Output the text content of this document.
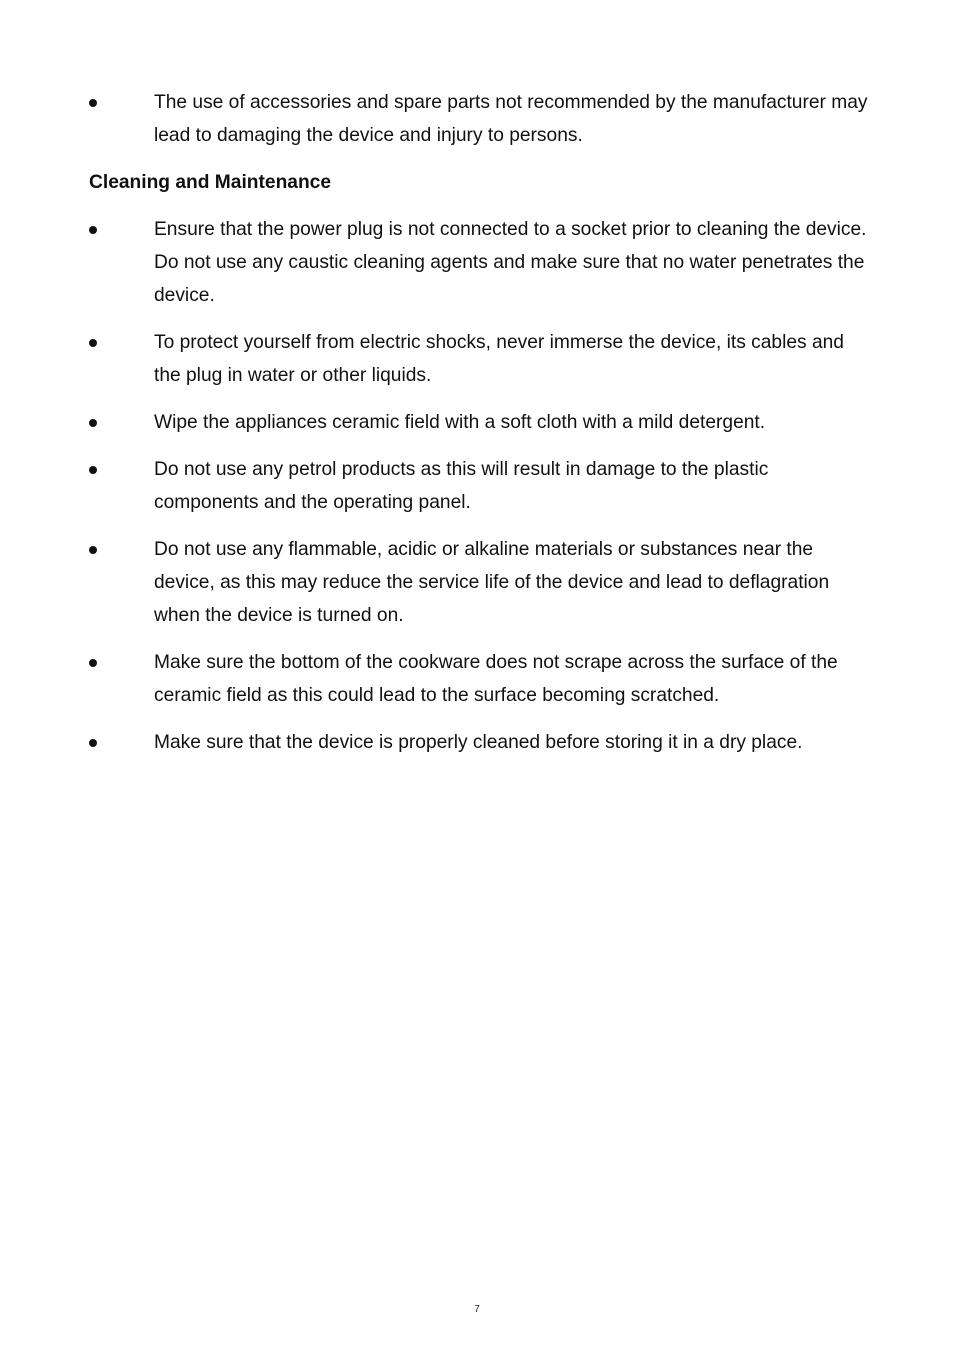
The use of accessories and spare parts not recommended by the manufacturer may lead to damaging the device and injury to persons.
Cleaning and Maintenance
Ensure that the power plug is not connected to a socket prior to cleaning the device. Do not use any caustic cleaning agents and make sure that no water penetrates the device.
To protect yourself from electric shocks, never immerse the device, its cables and the plug in water or other liquids.
Wipe the appliances ceramic field with a soft cloth with a mild detergent.
Do not use any petrol products as this will result in damage to the plastic components and the operating panel.
Do not use any flammable, acidic or alkaline materials or substances near the device, as this may reduce the service life of the device and lead to deflagration when the device is turned on.
Make sure the bottom of the cookware does not scrape across the surface of the ceramic field as this could lead to the surface becoming scratched.
Make sure that the device is properly cleaned before storing it in a dry place.
7
